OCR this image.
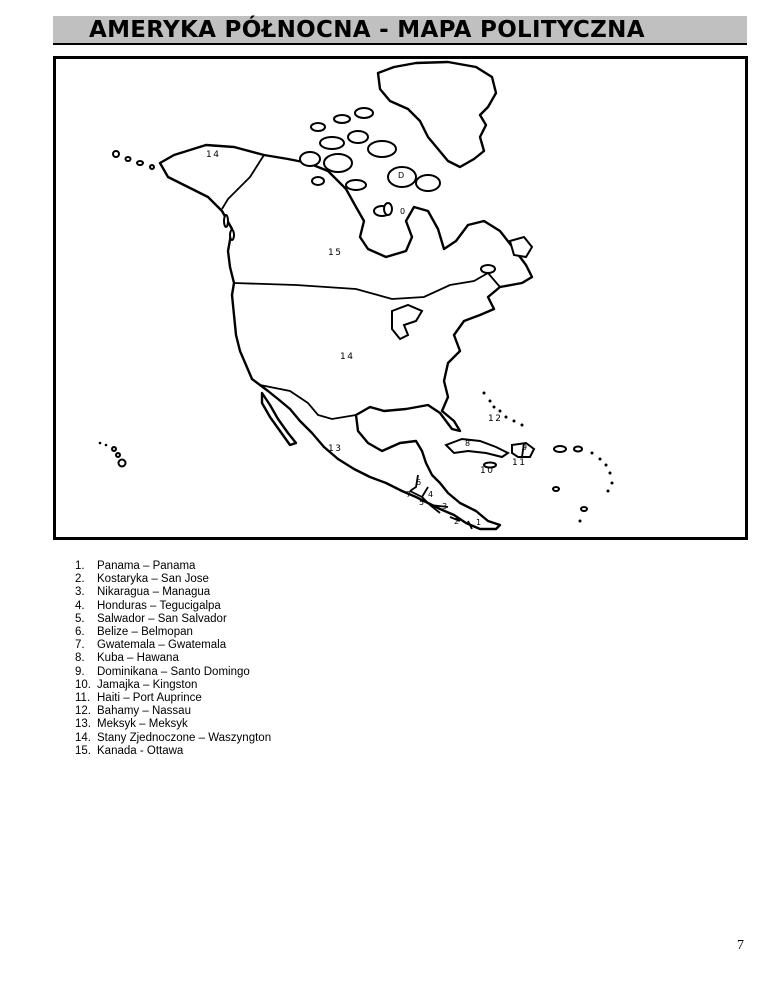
AMERYKA PÓŁNOCNA - MAPA POLITYCZNA
14
15
14
13
12
8	9
10
11
6
7 4
5 3
2 1
D
0
1. Panama – Panama
2. Kostaryka – San Jose
3. Nikaragua – Managua
4. Honduras – Tegucigalpa
5. Salwador – San Salvador
6. Belize – Belmopan
7. Gwatemala – Gwatemala
8. Kuba – Hawana
9. Dominikana – Santo Domingo
10. Jamajka – Kingston
11. Haiti – Port Auprince
12. Bahamy – Nassau
13. Meksyk – Meksyk
14. Stany Zjednoczone – Waszyngton
15. Kanada - Ottawa
7
